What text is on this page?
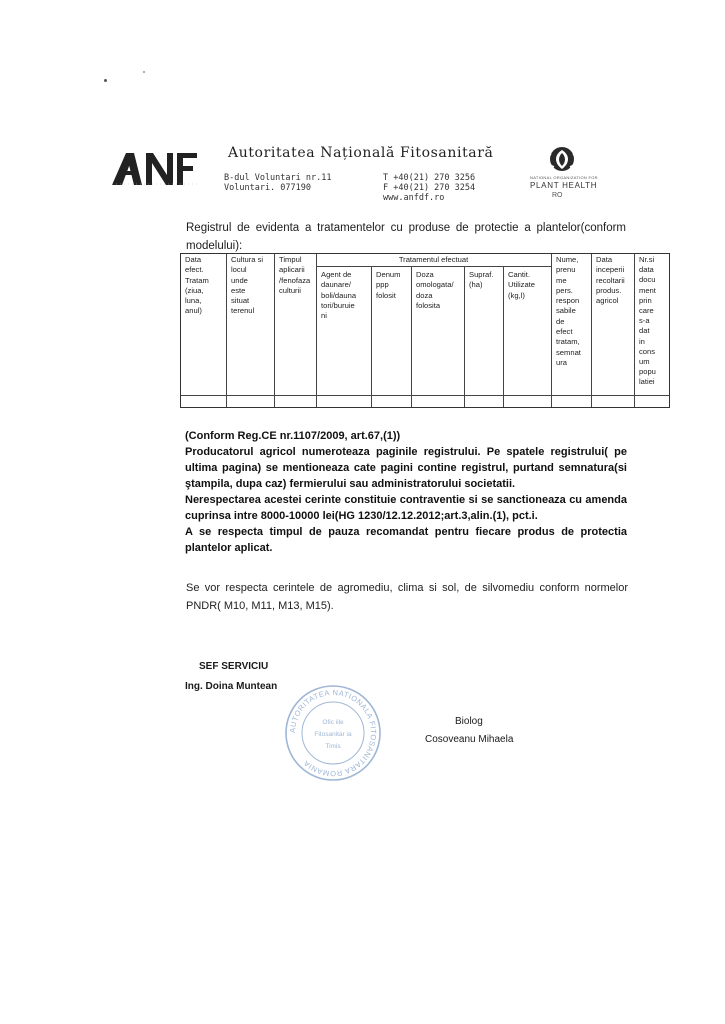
Autoritatea Națională Fitosanitară
B-dul Voluntari nr.11
Voluntari. 077190
T +40(21) 270 3256
F +40(21) 270 3254
www.anfdf.ro
NATIONAL ORGANIZATION FOR
PLANT HEALTH
RO
Registrul de evidenta a tratamentelor cu produse de protectie a plantelor(conform modelului):
Data
efect.
Tratam
(ziua,
luna,
anul)
Cultura si
locul
unde
este
situat
terenul
Timpul
aplicarii
/fenofaza
culturii
Tratamentul efectuat
Agent de
daunare/
boli/dauna
tori/buruie
ni
Denum
ppp
folosit
Doza
omologata/
doza
folosita
Supraf.
(ha)
Cantit.
Utilizate
(kg,l)
Nume,
prenu
me
pers.
respon
sabile
de
efect
tratam,
semnat
ura
Data
inceperii
recoltarii
produs.
agricol
Nr.si
data
docu
ment
prin
care
s-a
dat
in
cons
um
popu
latiei

(Conform Reg.CE nr.1107/2009, art.67,(1))

Producatorul agricol numeroteaza paginile registrului. Pe spatele registrului( pe ultima pagina) se mentioneaza cate pagini contine registrul, purtand semnatura(si ştampila, dupa caz) fermierului sau administratorului societatii.

Nerespectarea acestei cerinte constituie contraventie si se sanctioneaza cu amenda cuprinsa intre 8000-10000 lei(HG 1230/12.12.2012;art.3,alin.(1), pct.i.

A se respecta timpul de pauza recomandat pentru fiecare produs de protectia plantelor aplicat.

Se vor respecta cerintele de agromediu, clima si sol, de silvomediu conform normelor PNDR( M10, M11, M13, M15).
SEF SERVICIU
Ing. Doina Muntean
AUTORITATEA NATIONALA FITOSANITARA ROMANIA
Ofic iile
Fitosanitar ia
Timis
Biolog
Cosoveanu Mihaela
